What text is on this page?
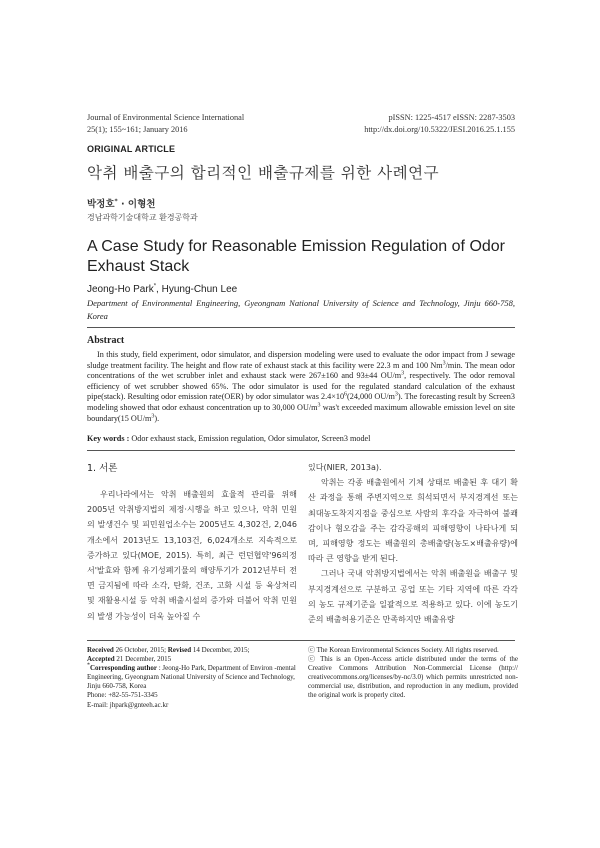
Journal of Environmental Science International
25(1); 155~161; January 2016
pISSN: 1225-4517 eISSN: 2287-3503
http://dx.doi.org/10.5322/JESI.2016.25.1.155
ORIGINAL ARTICLE
악취 배출구의 합리적인 배출규제를 위한 사례연구
박정호* · 이형천
경남과학기술대학교 환경공학과
A Case Study for Reasonable Emission Regulation of Odor Exhaust Stack
Jeong-Ho Park*, Hyung-Chun Lee
Department of Environmental Engineering, Gyeongnam National University of Science and Technology, Jinju 660-758, Korea
Abstract

In this study, field experiment, odor simulator, and dispersion modeling were used to evaluate the odor impact from J sewage sludge treatment facility. The height and flow rate of exhaust stack at this facility were 22.3 m and 100 Nm$^3$/min. The mean odor concentrations of the wet scrubber inlet and exhaust stack were 267±160 and 93±44 $OU/m^3$, respectively. The odor removal efficiency of wet scrubber showed 65%. The odor simulator is used for the regulated standard calculation of the exhaust pipe(stack). Resulting odor emission rate(OER) by odor simulator was $2.4\times 10^6(24,000$ $OU/m^3$). The forecasting result by Screen3 modeling showed that odor exhaust concentration up to 30,000 $OU/m^3$ was't exceeded maximum allowable emission level on site boundary(15 $OU/m^3$).

Key words : Odor exhaust stack, Emission regulation, Odor simulator, Screen3 model

1. 서론

우리나라에서는 악취 배출원의 효율적 관리를 위해 2005년 악취방지법의 제정·시행을 하고 있으나, 악취 민원의 발생건수 및 피민원업소수는 2005년도 4,302건, 2,046개소에서 2013년도 13,103건, 6,024개소로 지속적으로 증가하고 있다(MOE, 2015). 특히, 최근 런던협약'96의정서'발효와 함께 유기성폐기물의 해양투기가 2012년부터 전면 금지됨에 따라 소각, 탄화, 건조, 고화 시설 등 육상처리 및 재활용시설 등 악취 배출시설의 증가와 더불어 악취 민원의 발생 가능성이 더욱 높아질 수

있다(NIER, 2013a).

악취는 각종 배출원에서 기체 상태로 배출된 후 대기 확산 과정을 통해 주변지역으로 희석되면서 부지경계선 또는 최대농도착지지점을 중심으로 사람의 후각을 자극하여 불쾌감이나 혐오감을 주는 감각공해의 피해영향이 나타나게 되며, 피해영향 정도는 배출원의 총배출량(농도×배출유량)에 따라 큰 영향을 받게 된다.

그러나 국내 악취방지법에서는 악취 배출원을 배출구 및 부지경계선으로 구분하고 공업 또는 기타 지역에 따른 각각의 농도 규제기준을 일괄적으로 적용하고 있다. 이에 농도기준의 배출허용기준은 만족하지만 배출유량

Received 26 October, 2015; Revised 14 December, 2015;

Accepted 21 December, 2015

*Corresponding author : Jeong-Ho Park, Department of Environ -mental Engineering, Gyeongnam National University of Science and Technology, Jinju 660-758, Korea

Phone: +82-55-751-3345

E-mail: jhpark@gnteeh.ac.kr

ⓒ The Korean Environmental Sciences Society. All rights reserved.

ⓒ This is an Open-Access article distributed under the terms of the Creative Commons Attribution Non-Commercial License (http:// creativecommons.org/licenses/by-nc/3.0) which permits unrestricted non-commercial use, distribution, and reproduction in any medium, provided the original work is properly cited.
